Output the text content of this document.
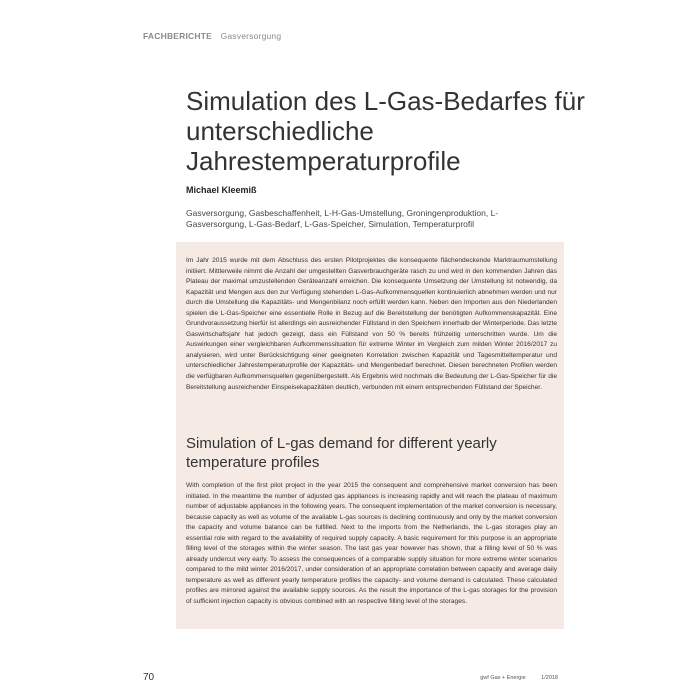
FACHBERICHTE Gasversorgung
Simulation des L-Gas-Bedarfes für unterschiedliche Jahrestemperaturprofile
Michael Kleemiß
Gasversorgung, Gasbeschaffenheit, L-H-Gas-Umstellung, Groningenproduktion, L-Gasversorgung, L-Gas-Bedarf, L-Gas-Speicher, Simulation, Temperaturprofil
Im Jahr 2015 wurde mit dem Abschluss des ersten Pilotprojektes die konsequente flächendeckende Marktraumumstellung initiiert. Mittlerweile nimmt die Anzahl der umgestellten Gasverbrauchgeräte rasch zu und wird in den kommenden Jahren das Plateau der maximal umzustellenden Geräteanzahl erreichen. Die konsequente Umsetzung der Umstellung ist notwendig, da Kapazität und Mengen aus den zur Verfügung stehenden L-Gas-Aufkommensquellen kontinuierlich abnehmen werden und nur durch die Umstellung die Kapazitäts- und Mengenbilanz noch erfüllt werden kann. Neben den Importen aus den Niederlanden spielen die L-Gas-Speicher eine essentielle Rolle in Bezug auf die Bereitstellung der benötigten Aufkommenskapazität. Eine Grundvoraussetzung hierfür ist allerdings ein ausreichender Füllstand in den Speichern innerhalb der Winterperiode. Das letzte Gaswirtschaftsjahr hat jedoch gezeigt, dass ein Füllstand von 50 % bereits frühzeitig unterschritten wurde. Um die Auswirkungen einer vergleichbaren Aufkommenssituation für extreme Winter im Vergleich zum milden Winter 2016/2017 zu analysieren, wird unter Berücksichtigung einer geeigneten Korrelation zwischen Kapazität und Tagesmitteltemperatur und unterschiedlicher Jahrestemperaturprofile der Kapazitäts- und Mengenbedarf berechnet. Diesen berechneten Profilen werden die verfügbaren Aufkommensquellen gegenübergestellt. Als Ergebnis wird nochmals die Bedeutung der L-Gas-Speicher für die Bereitstellung ausreichender Einspeisekapazitäten deutlich, verbunden mit einem entsprechenden Füllstand der Speicher.
Simulation of L-gas demand for different yearly temperature profiles
With completion of the first pilot project in the year 2015 the consequent and comprehensive market conversion has been initiated. In the meantime the number of adjusted gas appliances is increasing rapidly and will reach the plateau of maximum number of adjustable appliances in the following years. The consequent implementation of the market conversion is necessary, because capacity as well as volume of the available L-gas sources is declining continuously and only by the market conversion the capacity and volume balance can be fulfilled. Next to the imports from the Netherlands, the L-gas storages play an essential role with regard to the availability of required supply capacity. A basic requirement for this purpose is an appropriate filling level of the storages within the winter season. The last gas year however has shown, that a filling level of 50 % was already undercut very early. To assess the consequences of a comparable supply situation for more extreme winter scenarios compared to the mild winter 2016/2017, under consideration of an appropriate correlation between capacity and average daily temperature as well as different yearly temperature profiles the capacity- and volume demand is calculated. These calculated profiles are mirrored against the available supply sources. As the result the importance of the L-gas storages for the provision of sufficient injection capacity is obvious combined with an respective filling level of the storages.
70	gwf Gas + Energie	1/2018
